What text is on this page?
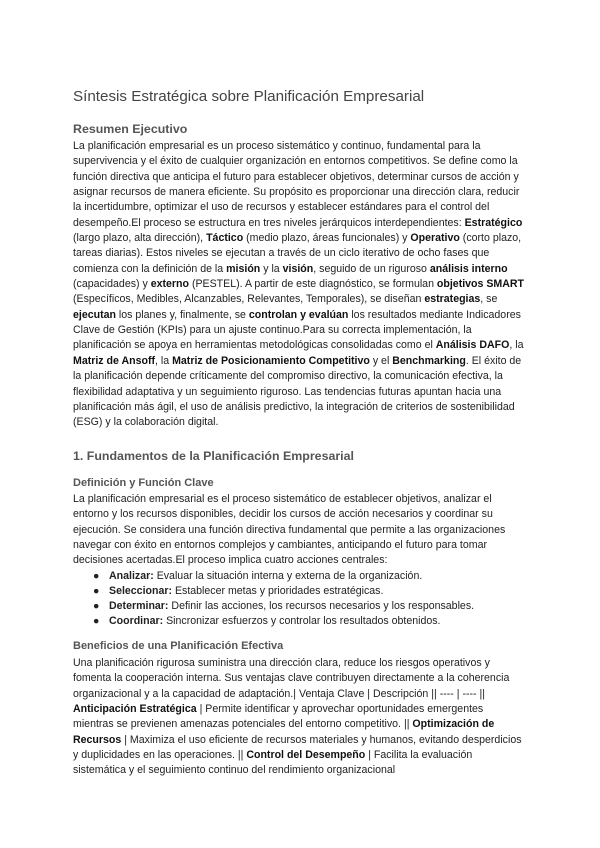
Síntesis Estratégica sobre Planificación Empresarial
Resumen Ejecutivo

La planificación empresarial es un proceso sistemático y continuo, fundamental para la supervivencia y el éxito de cualquier organización en entornos competitivos. Se define como la función directiva que anticipa el futuro para establecer objetivos, determinar cursos de acción y asignar recursos de manera eficiente. Su propósito es proporcionar una dirección clara, reducir la incertidumbre, optimizar el uso de recursos y establecer estándares para el control del desempeño.El proceso se estructura en tres niveles jerárquicos interdependientes: Estratégico (largo plazo, alta dirección), Táctico (medio plazo, áreas funcionales) y Operativo (corto plazo, tareas diarias). Estos niveles se ejecutan a través de un ciclo iterativo de ocho fases que comienza con la definición de la misión y la visión, seguido de un riguroso análisis interno (capacidades) y externo (PESTEL). A partir de este diagnóstico, se formulan objetivos SMART (Específicos, Medibles, Alcanzables, Relevantes, Temporales), se diseñan estrategias, se ejecutan los planes y, finalmente, se controlan y evalúan los resultados mediante Indicadores Clave de Gestión (KPIs) para un ajuste continuo.Para su correcta implementación, la planificación se apoya en herramientas metodológicas consolidadas como el Análisis DAFO, la Matriz de Ansoff, la Matriz de Posicionamiento Competitivo y el Benchmarking. El éxito de la planificación depende críticamente del compromiso directivo, la comunicación efectiva, la flexibilidad adaptativa y un seguimiento riguroso. Las tendencias futuras apuntan hacia una planificación más ágil, el uso de análisis predictivo, la integración de criterios de sostenibilidad (ESG) y la colaboración digital.

1. Fundamentos de la Planificación Empresarial
Definición y Función Clave

La planificación empresarial es el proceso sistemático de establecer objetivos, analizar el entorno y los recursos disponibles, decidir los cursos de acción necesarios y coordinar su ejecución. Se considera una función directiva fundamental que permite a las organizaciones navegar con éxito en entornos complejos y cambiantes, anticipando el futuro para tomar decisiones acertadas.El proceso implica cuatro acciones centrales:

● Analizar: Evaluar la situación interna y externa de la organización.
● Seleccionar: Establecer metas y prioridades estratégicas.
● Determinar: Definir las acciones, los recursos necesarios y los responsables.
● Coordinar: Sincronizar esfuerzos y controlar los resultados obtenidos.
Beneficios de una Planificación Efectiva

Una planificación rigurosa suministra una dirección clara, reduce los riesgos operativos y fomenta la cooperación interna. Sus ventajas clave contribuyen directamente a la coherencia organizacional y a la capacidad de adaptación.| Ventaja Clave | Descripción || ---- | ---- || Anticipación Estratégica | Permite identificar y aprovechar oportunidades emergentes mientras se previenen amenazas potenciales del entorno competitivo. || Optimización de Recursos | Maximiza el uso eficiente de recursos materiales y humanos, evitando desperdicios y duplicidades en las operaciones. || Control del Desempeño | Facilita la evaluación sistemática y el seguimiento continuo del rendimiento organizacional
